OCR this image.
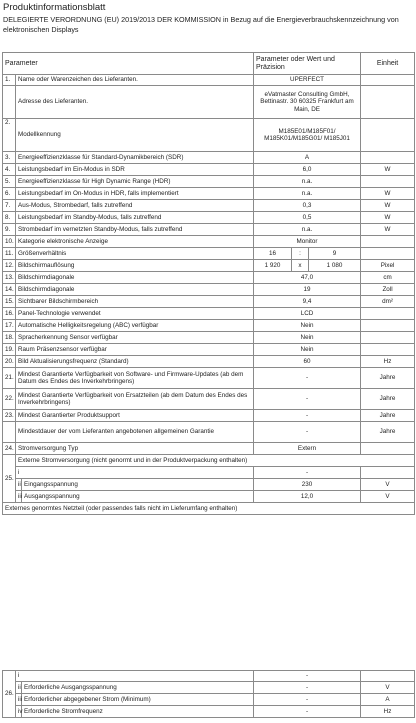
Produktinformationsblatt
DELEGIERTE VERORDNUNG (EU) 2019/2013 DER KOMMISSION in Bezug auf die Energieverbrauchskennzeichnung von elektronischen Displays
Parameter			Parameter oder Wert und Präzision			Einheit
1.	Name oder Warenzeichen des Lieferanten.		UPERFECT			
	Adresse des Lieferanten.		eVatmaster Consulting GmbH, Bettinastr. 30 60325 Frankfurt am Main, DE			
2.	Modellkennung		M185E01/M185F01/ M185K01/M185G01/ M185J01			
3.	Energieeffizienzklasse für Standard-Dynamikbereich (SDR)		A			
4.	Leistungsbedarf im Ein-Modus in SDR		6,0			W
5.	Energieeffizienzklasse für High Dynamic Range (HDR)		n.a.			
6.	Leistungsbedarf im On-Modus in HDR, falls implementiert		n.a.			W
7.	Aus-Modus, Strombedarf, falls zutreffend		0,3			W
8.	Leistungsbedarf im Standby-Modus, falls zutreffend		0,5			W
9.	Strombedarf im vernetzten Standby-Modus, falls zutreffend		n.a.			W
10.	Kategorie elektronische Anzeige		Monitor			
11.	Größenverhältnis		16	:	9	
12.	Bildschirmauflösung		1 920	x	1 080	Pixel
13.	Bildschirmdiagonale		47,0			cm
14.	Bildschirmdiagonale		19			Zoll
15.	Sichtbarer Bildschirmbereich		9,4			dm²
16.	Panel-Technologie verwendet		LCD			
17.	Automatische Helligkeitsregelung (ABC) verfügbar		Nein			
18.	Spracherkennung Sensor verfügbar		Nein			
19.	Raum Präsenzsensor verfügbar		Nein			
20.	Bild Aktualisierungsfrequenz (Standard)		60			Hz
21.	Mindest Garantierte Verfügbarkeit von Software- und Firmware-Updates (ab dem Datum des Endes des Inverkehrbringens)		-			Jahre
22.	Mindest Garantierte Verfügbarkeit von Ersatzteilen (ab dem Datum des Endes des Inverkehrbringens)		-			Jahre
23.	Mindest Garantierter Produktsupport		-			Jahre
	Mindestdauer der vom Lieferanten angebotenen allgemeinen Garantie		-			Jahre
24.	Stromversorgung Typ		Extern			
25.	Externe Stromversorgung (nicht genormt und in der Produktverpackung enthalten)					
	i		-			
	ii	Eingangsspannung	230			V
	iii	Ausgangsspannung	12,0			V
Externes genormtes Netzteil (oder passendes falls nicht im Lieferumfang enthalten)						
26.	i		-	
	ii	Erforderliche Ausgangsspannung	-	V
	iii	Erforderlicher abgegebener Strom (Minimum)	-	A
	iv	Erforderliche Stromfrequenz	-	Hz
